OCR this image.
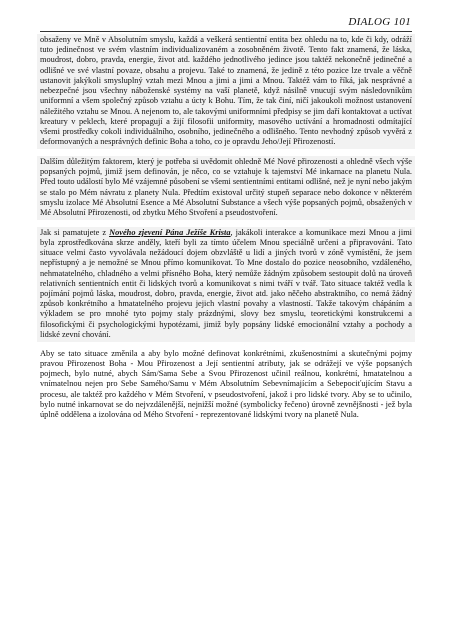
DIALOG 101

obsaženy ve Mně v Absolutním smyslu, každá a veškerá sentientní entita bez ohledu na to, kde či kdy, odráží tuto jedinečnost ve svém vlastním individualizovaném a zosobněném životě. Tento fakt znamená, že láska, moudrost, dobro, pravda, energie, život atd. každého jednotlivého jedince jsou taktéž nekonečně jedinečné a odlišné ve své vlastní povaze, obsahu a projevu. Také to znamená, že jedině z této pozice lze trvale a věčně ustanovit jakýkoli smysluplný vztah mezi Mnou a jimi a jimi a Mnou. Taktéž vám to říká, jak nesprávné a nebezpečné jsou všechny náboženské systémy na vaší planetě, když násilně vnucují svým následovníkům uniformní a všem společný způsob vztahu a úcty k Bohu. Tím, že tak činí, ničí jakoukoli možnost ustanovení náležitého vztahu se Mnou. A nejenom to, ale takovými uniformními předpisy se jim daří kontaktovat a uctívat kreatury v peklech, které propagují a žijí filosofii uniformity, masového uctívání a hromadnosti odmítající všemi prostředky cokoli individuálního, osobního, jedinečného a odlišného. Tento nevhodný způsob vyvěrá z deformovaných a nesprávných definic Boha a toho, co je opravdu Jeho/Její Přirozeností.

Dalším důležitým faktorem, který je potřeba si uvědomit ohledně Mé Nové přirozenosti a ohledně všech výše popsaných pojmů, jimiž jsem definován, je něco, co se vztahuje k tajemství Mé inkarnace na planetu Nula. Před touto událostí bylo Mé vzájemné působení se všemi sentientními entitami odlišné, než je nyní nebo jakým se stalo po Mém návratu z planety Nula. Předtím existoval určitý stupeň separace nebo dokonce v některém smyslu izolace Mé Absolutní Esence a Mé Absolutní Substance a všech výše popsaných pojmů, obsažených v Mé Absolutní Přirozenosti, od zbytku Mého Stvoření a pseudostvoření.

Jak si pamatujete z Nového zjevení Pána Ježíše Krista, jakákoli interakce a komunikace mezi Mnou a jimi byla zprostředkována skrze anděly, kteří byli za tímto účelem Mnou speciálně určeni a připravováni. Tato situace velmi často vyvolávala nežádoucí dojem obzvláště u lidí a jiných tvorů v zóně vymístění, že jsem nepřístupný a je nemožné se Mnou přímo komunikovat. To Mne dostalo do pozice neosobního, vzdáleného, nehmatatelného, chladného a velmi přísného Boha, který nemůže žádným způsobem sestoupit dolů na úroveň relativních sentientních entit či lidských tvorů a komunikovat s nimi tváří v tvář. Tato situace taktéž vedla k pojímání pojmů láska, moudrost, dobro, pravda, energie, život atd. jako něčeho abstraktního, co nemá žádný způsob konkrétního a hmatatelného projevu jejich vlastní povahy a vlastností. Takže takovým chápáním a výkladem se pro mnohé tyto pojmy staly prázdnými, slovy bez smyslu, teoretickými konstrukcemi a filosofickými či psychologickými hypotézami, jimiž byly popsány lidské emocionální vztahy a pochody a lidské zevní chování.

Aby se tato situace změnila a aby bylo možné definovat konkrétními, zkušenostními a skutečnými pojmy pravou Přirozenost Boha - Mou Přirozenost a Její sentientní atributy, jak se odrážejí ve výše popsaných pojmech, bylo nutné, abych Sám/Sama Sebe a Svou Přirozenost učinil reálnou, konkrétní, hmatatelnou a vnímatelnou nejen pro Sebe Samého/Samu v Mém Absolutním Sebevnímajícím a Sebepociťujícím Stavu a procesu, ale taktéž pro každého v Mém Stvoření, v pseudostvoření, jakož i pro lidské tvory. Aby se to učinilo, bylo nutné inkarnovat se do nejvzdálenější, nejnižší možné (symbolicky řečeno) úrovně zevnějšnosti - jež byla úplně oddělena a izolována od Mého Stvoření - reprezentované lidskými tvory na planetě Nula.
